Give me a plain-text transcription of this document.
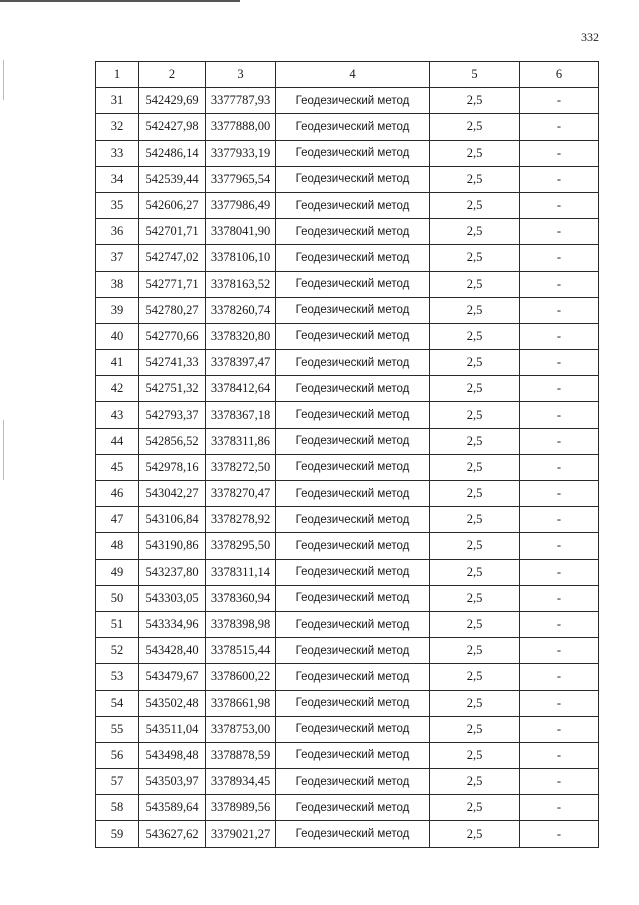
332
1	2	3	4	5	6
31	542429,69	3377787,93	Геодезический метод	2,5	-
32	542427,98	3377888,00	Геодезический метод	2,5	-
33	542486,14	3377933,19	Геодезический метод	2,5	-
34	542539,44	3377965,54	Геодезический метод	2,5	-
35	542606,27	3377986,49	Геодезический метод	2,5	-
36	542701,71	3378041,90	Геодезический метод	2,5	-
37	542747,02	3378106,10	Геодезический метод	2,5	-
38	542771,71	3378163,52	Геодезический метод	2,5	-
39	542780,27	3378260,74	Геодезический метод	2,5	-
40	542770,66	3378320,80	Геодезический метод	2,5	-
41	542741,33	3378397,47	Геодезический метод	2,5	-
42	542751,32	3378412,64	Геодезический метод	2,5	-
43	542793,37	3378367,18	Геодезический метод	2,5	-
44	542856,52	3378311,86	Геодезический метод	2,5	-
45	542978,16	3378272,50	Геодезический метод	2,5	-
46	543042,27	3378270,47	Геодезический метод	2,5	-
47	543106,84	3378278,92	Геодезический метод	2,5	-
48	543190,86	3378295,50	Геодезический метод	2,5	-
49	543237,80	3378311,14	Геодезический метод	2,5	-
50	543303,05	3378360,94	Геодезический метод	2,5	-
51	543334,96	3378398,98	Геодезический метод	2,5	-
52	543428,40	3378515,44	Геодезический метод	2,5	-
53	543479,67	3378600,22	Геодезический метод	2,5	-
54	543502,48	3378661,98	Геодезический метод	2,5	-
55	543511,04	3378753,00	Геодезический метод	2,5	-
56	543498,48	3378878,59	Геодезический метод	2,5	-
57	543503,97	3378934,45	Геодезический метод	2,5	-
58	543589,64	3378989,56	Геодезический метод	2,5	-
59	543627,62	3379021,27	Геодезический метод	2,5	-
